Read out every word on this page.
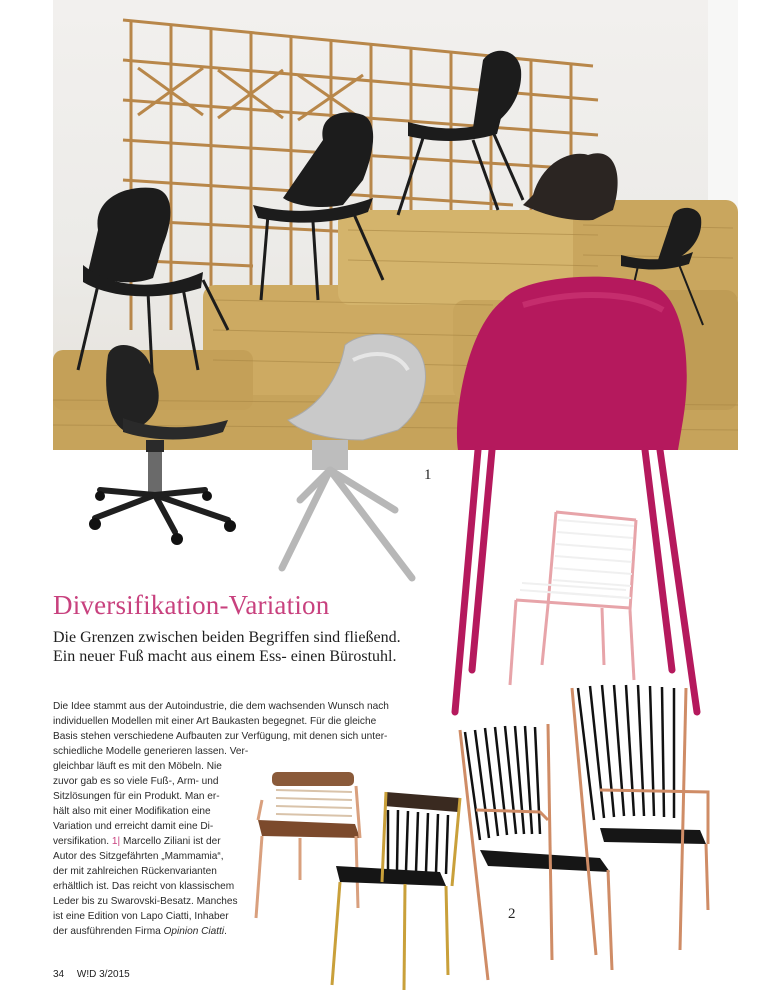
1
2
Diversifikation-Variation
Die Grenzen zwischen beiden Begriffen sind fließend.
Ein neuer Fuß macht aus einem Ess- einen Bürostuhl.
Die Idee stammt aus der Autoindustrie, die dem wachsenden Wunsch nach
individuellen Modellen mit einer Art Baukasten begegnet. Für die gleiche
Basis stehen verschiedene Aufbauten zur Verfügung, mit denen sich unter-
schiedliche Modelle generieren lassen. Ver-
gleichbar läuft es mit den Möbeln. Nie
zuvor gab es so viele Fuß-, Arm- und
Sitzlösungen für ein Produkt. Man er-
hält also mit einer Modifikation eine
Variation und erreicht damit eine Di-
versifikation. 1| Marcello Ziliani ist der
Autor des Sitzgefährten „Mammamia“,
der mit zahlreichen Rückenvarianten
erhältlich ist. Das reicht von klassischem
Leder bis zu Swarovski-Besatz. Manches
ist eine Edition von Lapo Ciatti, Inhaber
der ausführenden Firma Opinion Ciatti.
34 W!D 3/2015
